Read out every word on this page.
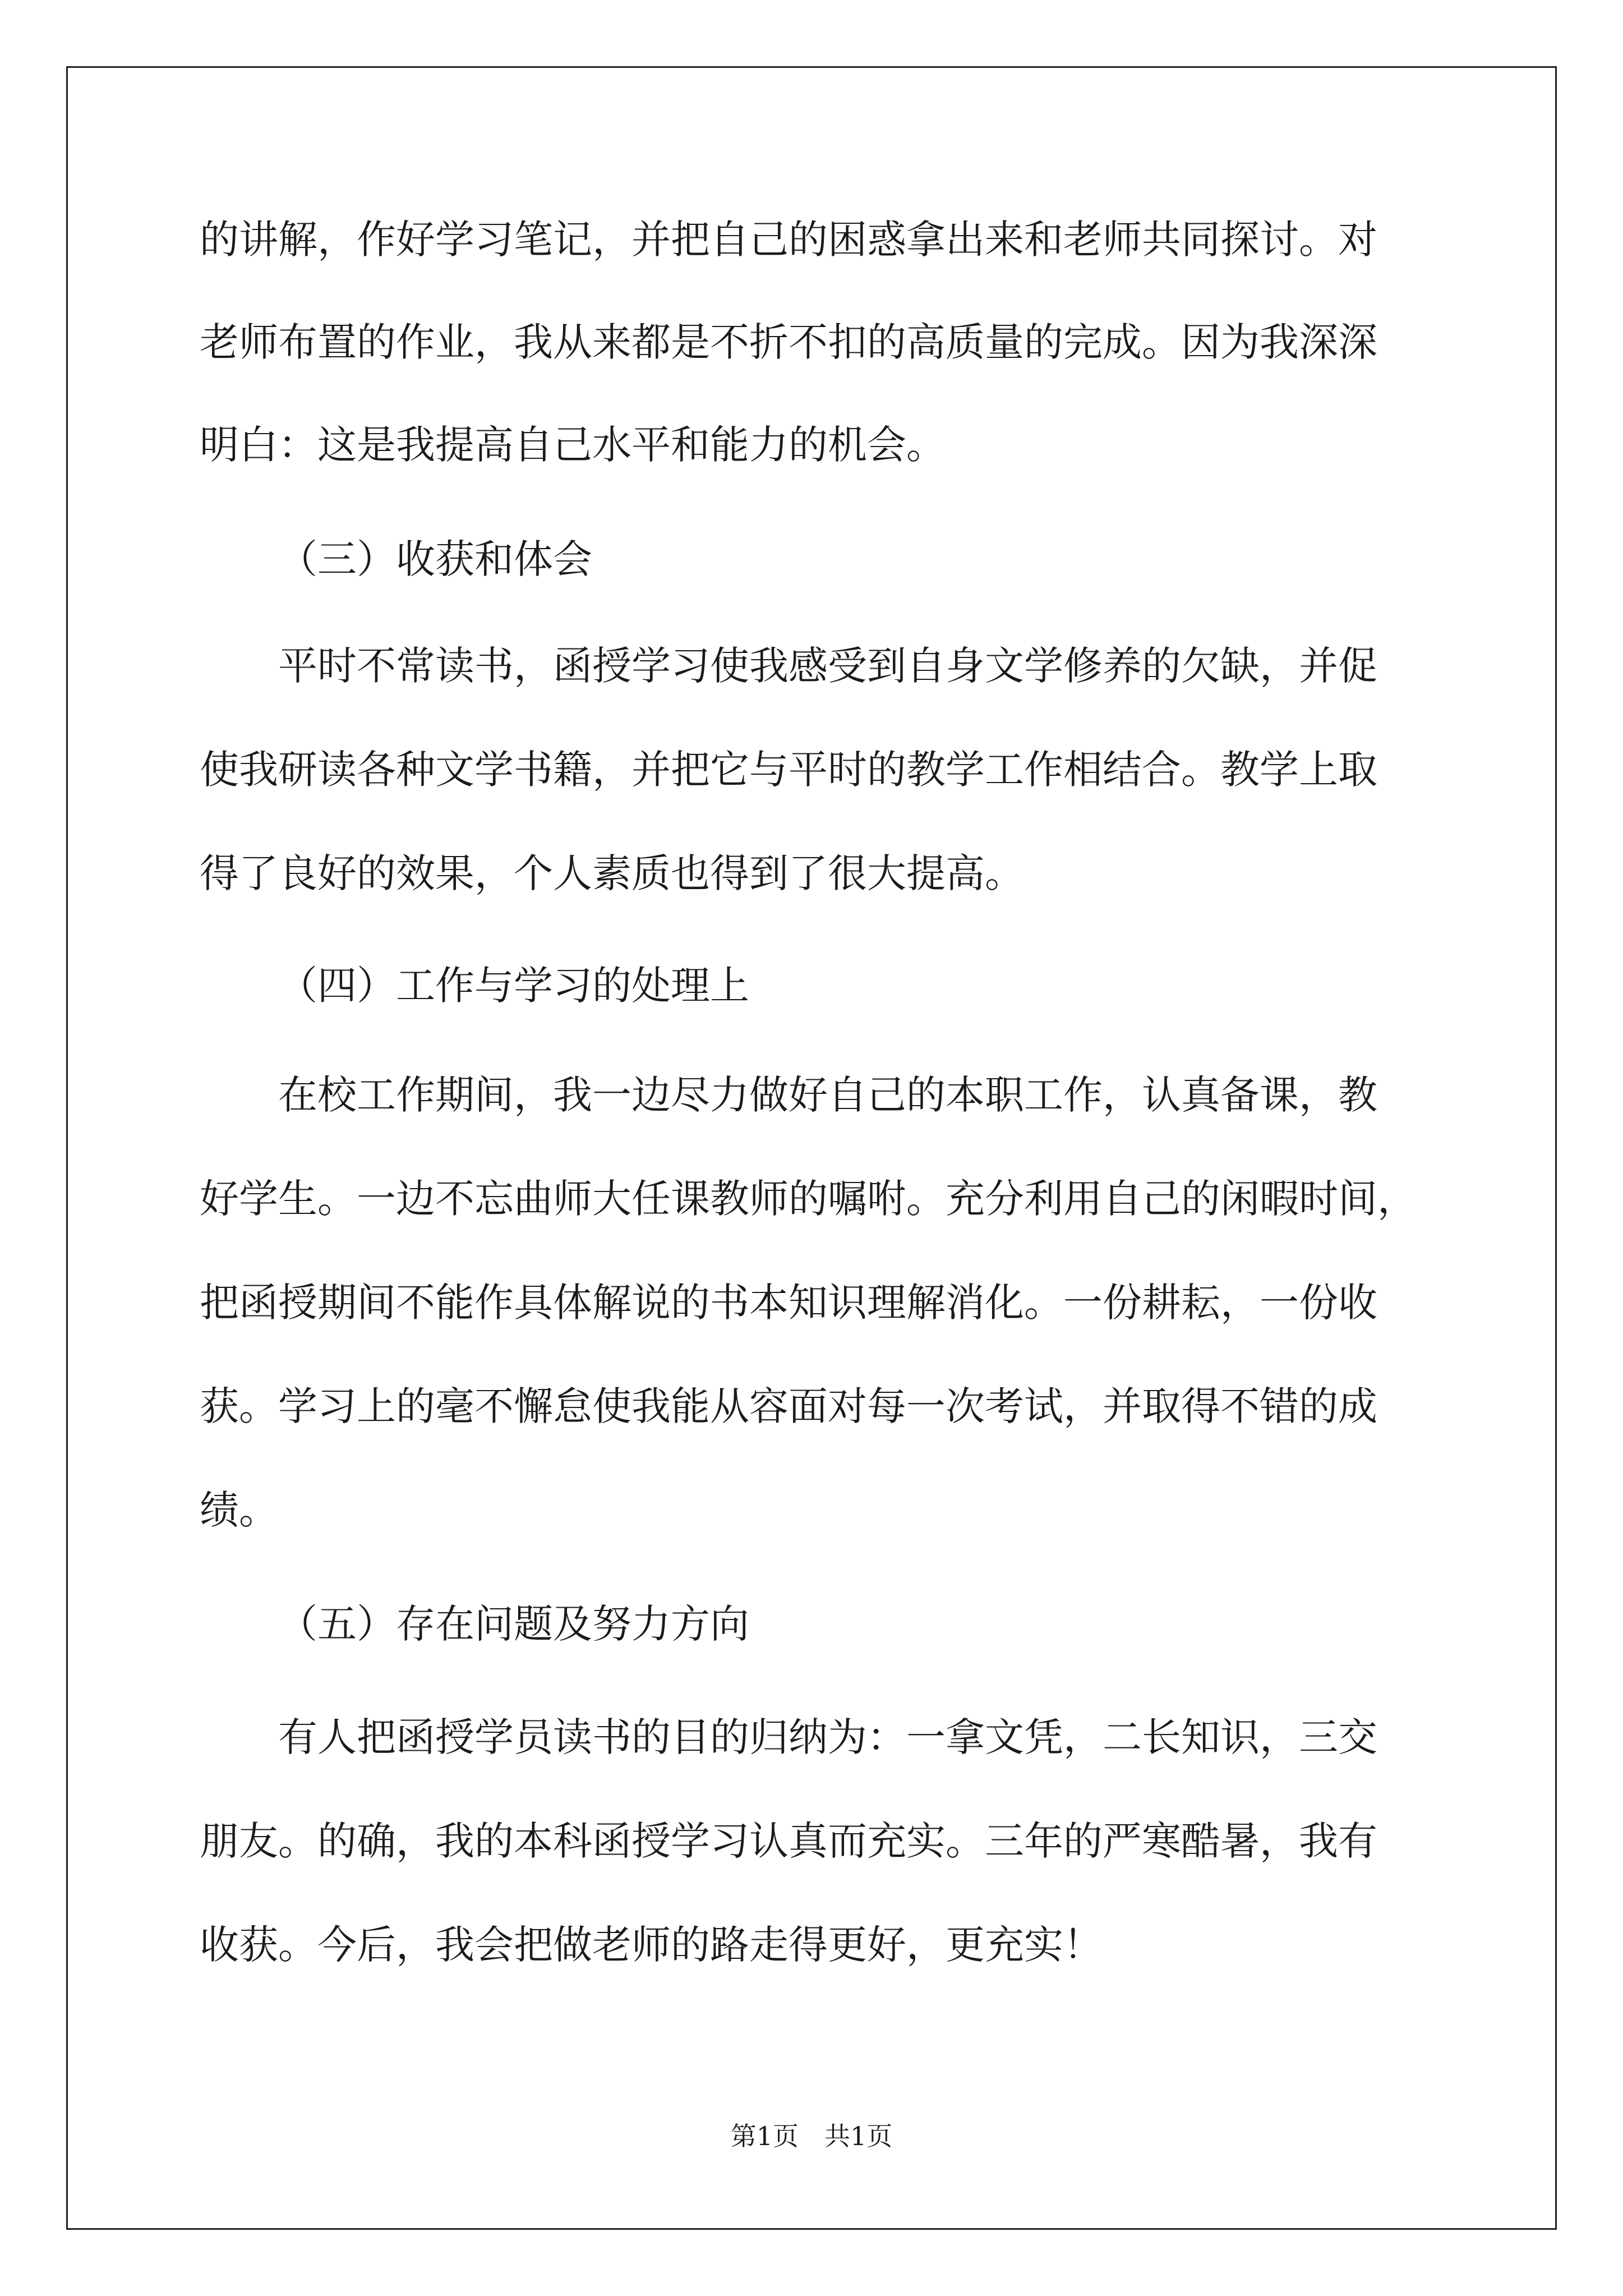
的讲解，作好学习笔记，并把自己的困惑拿出来和老师共同探讨。对
老师布置的作业，我从来都是不折不扣的高质量的完成。因为我深深
明白：这是我提高自己水平和能力的机会。
（三）收获和体会
平时不常读书，函授学习使我感受到自身文学修养的欠缺，并促
使我研读各种文学书籍，并把它与平时的教学工作相结合。教学上取
得了良好的效果，个人素质也得到了很大提高。
（四）工作与学习的处理上
在校工作期间，我一边尽力做好自己的本职工作，认真备课，教
好学生。一边不忘曲师大任课教师的嘱咐。充分利用自己的闲暇时间，
把函授期间不能作具体解说的书本知识理解消化。一份耕耘，一份收
获。学习上的毫不懈怠使我能从容面对每一次考试，并取得不错的成
绩。
（五）存在问题及努力方向
有人把函授学员读书的目的归纳为：一拿文凭，二长知识，三交
朋友。的确，我的本科函授学习认真而充实。三年的严寒酷暑，我有
收获。今后，我会把做老师的路走得更好，更充实！
第1页　共1页
